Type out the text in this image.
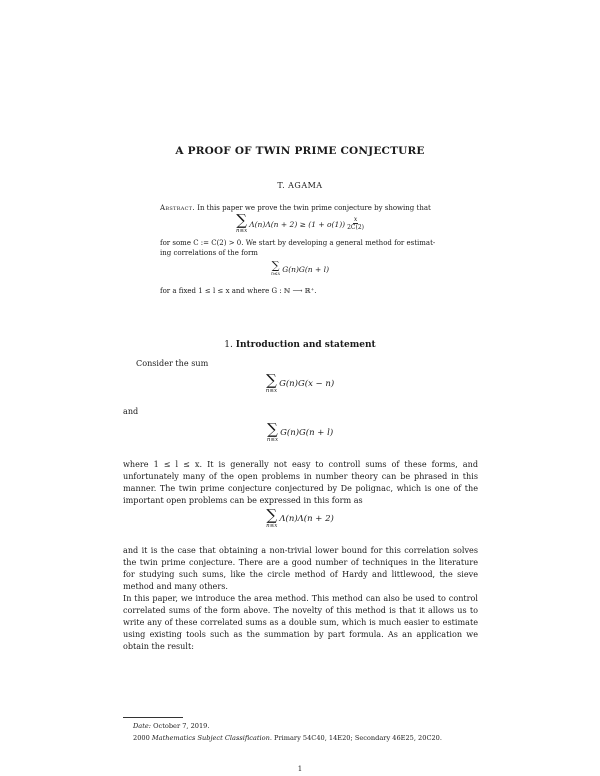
A PROOF OF TWIN PRIME CONJECTURE
T. AGAMA
Abstract. In this paper we prove the twin prime conjecture by showing that
∑
n≤x
$\Lambda(n)\Lambda(n + 2) \ge (1 + o(1)) \frac{x}{2C(2)}$
for some C := C(2) > 0. We start by developing a general method for estimat-
ing correlations of the form
∑
n≤x
G(n)G(n + l)
for a fixed 1 ≤ l ≤ x and where G : ℕ ⟶ ℝ⁺.
1. Introduction and statement
Consider the sum
∑
n≤x
G(n)G(x − n)
and
∑
n≤x
G(n)G(n + l)
where 1 ≤ l ≤ x. It is generally not easy to controll sums of these forms, and unfortunately many of the open problems in number theory can be phrased in this manner. The twin prime conjecture conjectured by De polignac, which is one of the important open problems can be expressed in this form as
∑
n≤x
Λ(n)Λ(n + 2)
and it is the case that obtaining a non-trivial lower bound for this correlation solves the twin prime conjecture. There are a good number of techniques in the literature for studying such sums, like the circle method of Hardy and littlewood, the sieve method and many others.
In this paper, we introduce the area method. This method can also be used to control correlated sums of the form above. The novelty of this method is that it allows us to write any of these correlated sums as a double sum, which is much easier to estimate using existing tools such as the summation by part formula. As an application we obtain the result:
Date: October 7, 2019.
2000 Mathematics Subject Classification. Primary 54C40, 14E20; Secondary 46E25, 20C20.
1
